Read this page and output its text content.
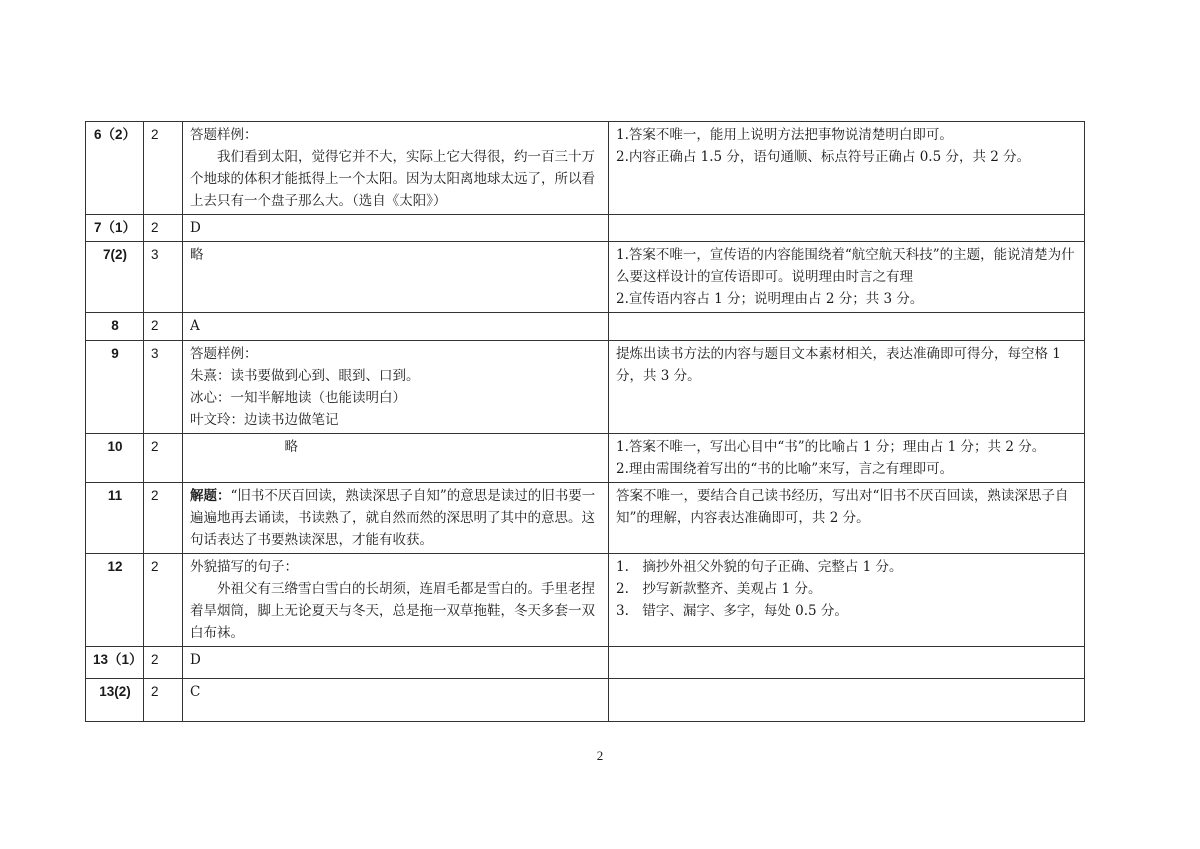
6（2）	2	答题样例：
我们看到太阳，觉得它并不大，实际上它大得很，约一百三十万个地球的体积才能抵得上一个太阳。因为太阳离地球太远了，所以看上去只有一个盘子那么大。（选自《太阳》）	1.答案不唯一，能用上说明方法把事物说清楚明白即可。
2.内容正确占 1.5 分，语句通顺、标点符号正确占 0.5 分，共 2 分。

7（1）	2	D	
7(2)	3	略	1.答案不唯一，宣传语的内容能围绕着“航空航天科技”的主题，能说清楚为什么要这样设计的宣传语即可。说明理由时言之有理
2.宣传语内容占 1 分；说明理由占 2 分；共 3 分。

8	2	A	
9	3	答题样例：
朱熹：读书要做到心到、眼到、口到。
冰心：一知半解地读（也能读明白）
叶文玲：边读书边做笔记	提炼出读书方法的内容与题目文本素材相关，表达准确即可得分，每空格 1 分，共 3 分。
10	2	略	1.答案不唯一，写出心目中“书”的比喻占 1 分；理由占 1 分；共 2 分。
2.理由需围绕着写出的“书的比喻”来写，言之有理即可。

11	2	解题：“旧书不厌百回读，熟读深思子自知”的意思是读过的旧书要一遍遍地再去诵读，书读熟了，就自然而然的深思明了其中的意思。这句话表达了书要熟读深思，才能有收获。	答案不唯一，要结合自己读书经历，写出对“旧书不厌百回读，熟读深思子自知”的理解，内容表达准确即可，共 2 分。
12	2	外貌描写的句子：
外祖父有三绺雪白雪白的长胡须，连眉毛都是雪白的。手里老捏着旱烟筒，脚上无论夏天与冬天，总是拖一双草拖鞋，冬天多套一双白布袜。	1.　摘抄外祖父外貌的句子正确、完整占 1 分。
2.　抄写新款整齐、美观占 1 分。
3.　错字、漏字、多字，每处 0.5 分。

13（1）	2	D	
13(2)	2	C	
2
